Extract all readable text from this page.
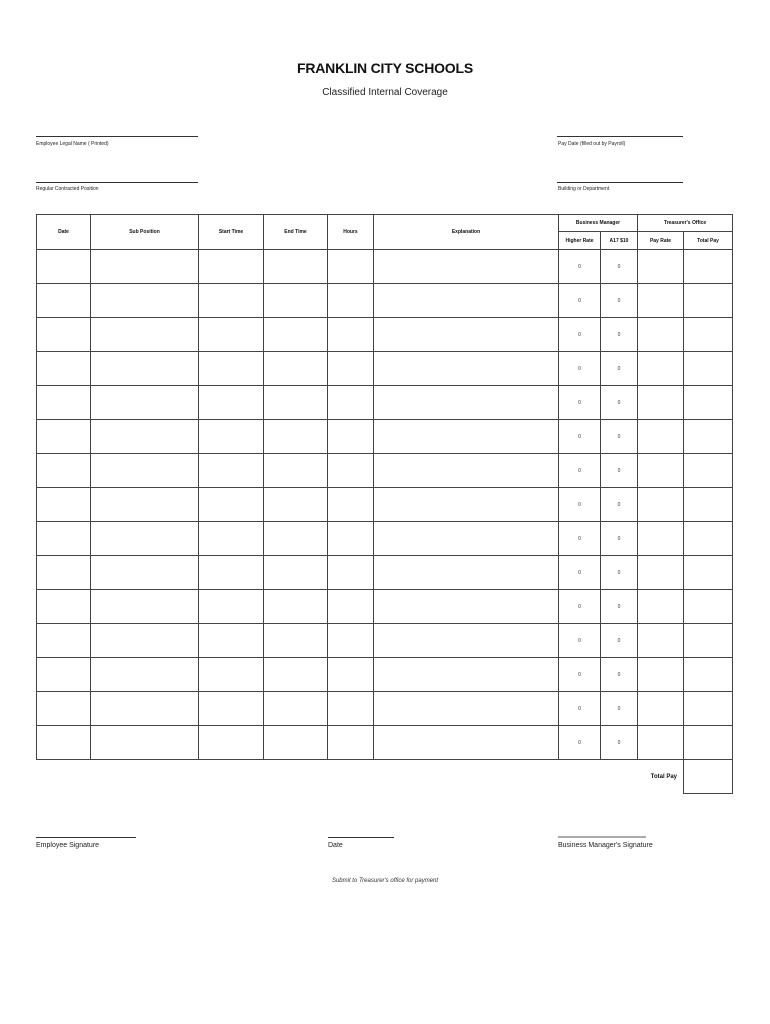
FRANKLIN CITY SCHOOLS
Classified Internal Coverage
Employee Legal Name ( Printed)	Pay Date (filled out by Payroll)
Regular Contracted Position	Building or Department
Date	Sub Position	Start Time	End Time	Hours	Explanation	Business Manager		Treasurer's Office	
						Higher Rate	A17 $10	Pay Rate	Total Pay
						0	0		
						0	0		
						0	0		
						0	0		
						0	0		
						0	0		
						0	0		
						0	0		
						0	0		
						0	0		
						0	0		
						0	0		
						0	0		
						0	0		
						0	0		
							Total Pay		
Employee Signature	Date	Business Manager's Signature
Submit to Treasurer's office for payment
